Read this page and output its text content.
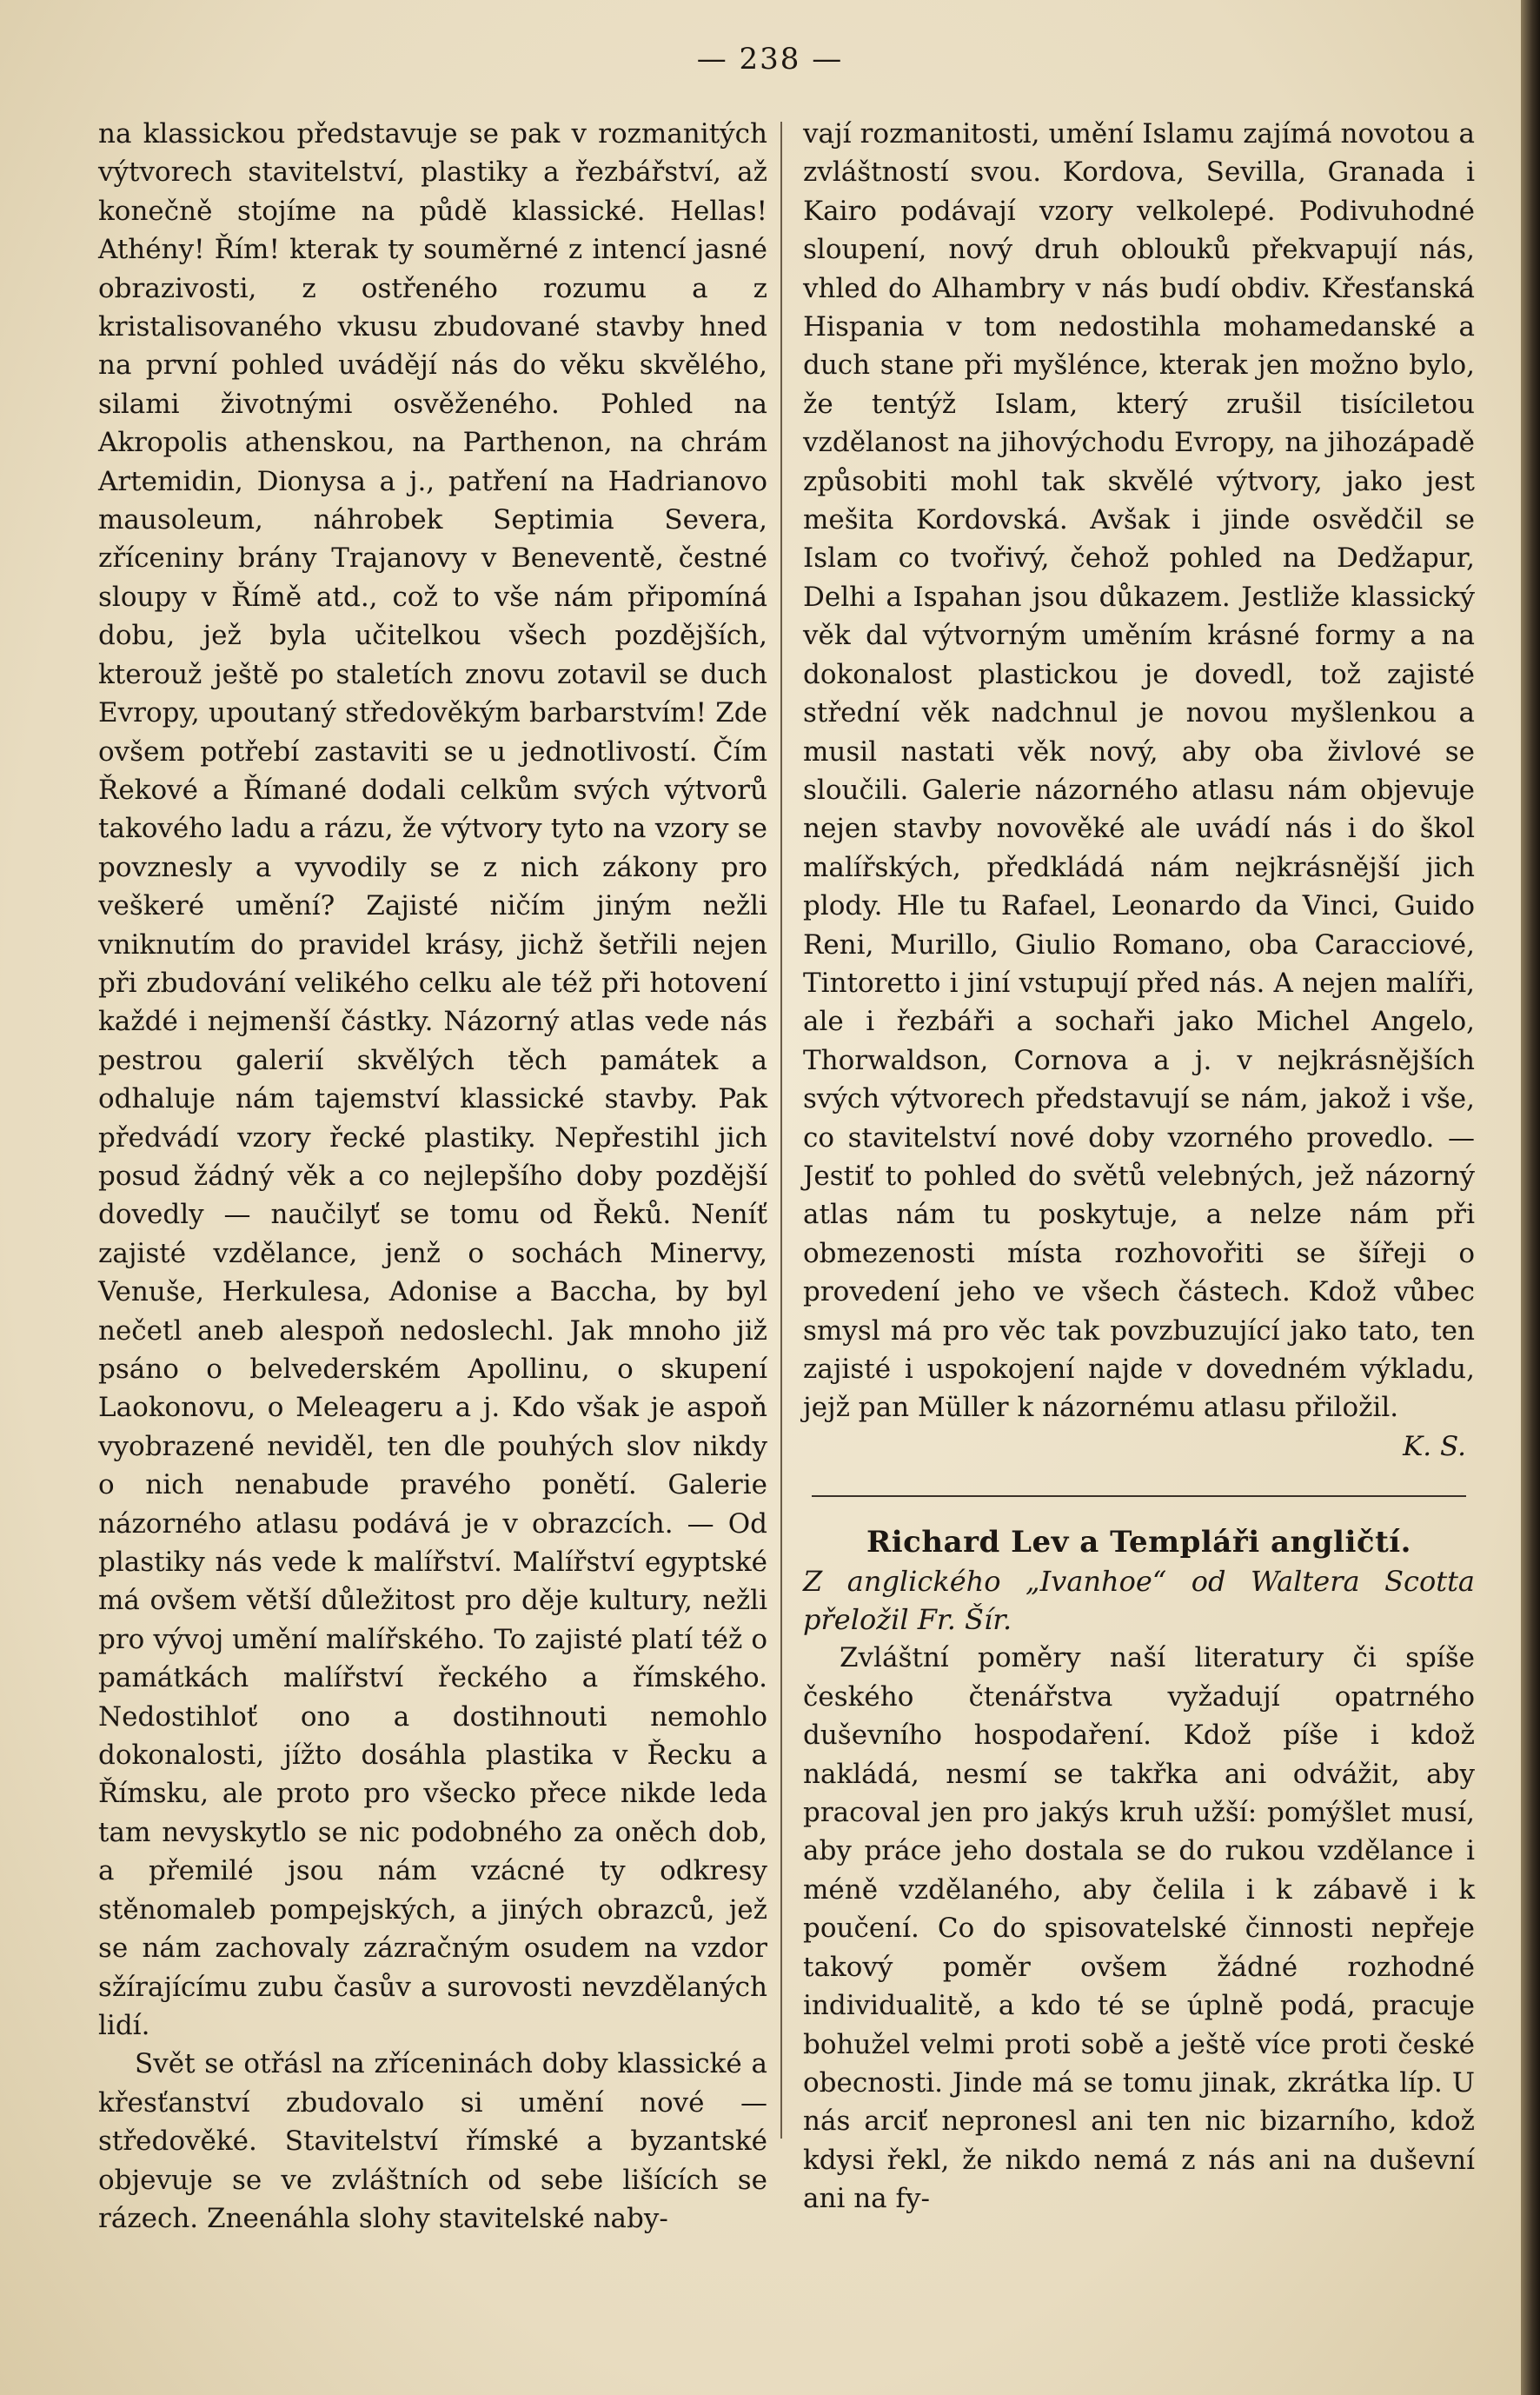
— 238 —

na klassickou představuje se pak v rozmanitých výtvorech stavitelství, plastiky a řezbářství, až konečně stojíme na půdě klassické. Hellas! Athény! Řím! kterak ty souměrné z intencí jasné obrazivosti, z ostřeného rozumu a z kristalisovaného vkusu zbudované stavby hned na první pohled uvádějí nás do věku skvělého, silami životnými osvěženého. Pohled na Akropolis athenskou, na Parthenon, na chrám Artemidin, Dionysa a j., patření na Hadrianovo mausoleum, náhrobek Septimia Severa, zříceniny brány Trajanovy v Beneventě, čestné sloupy v Římě atd., což to vše nám připomíná dobu, jež byla učitelkou všech pozdějších, kterouž ještě po staletích znovu zotavil se duch Evropy, upoutaný středověkým barbarstvím! Zde ovšem potřebí zastaviti se u jednotlivostí. Čím Řekové a Římané dodali celkům svých výtvorů takového ladu a rázu, že výtvory tyto na vzory se povznesly a vyvodily se z nich zákony pro veškeré umění? Zajisté ničím jiným nežli vniknutím do pravidel krásy, jichž šetřili nejen při zbudování velikého celku ale též při hotovení každé i nejmenší částky. Názorný atlas vede nás pestrou galerií skvělých těch památek a odhaluje nám tajemství klassické stavby. Pak předvádí vzory řecké plastiky. Nepřestihl jich posud žádný věk a co nejlepšího doby pozdější dovedly — naučilyť se tomu od Řeků. Neníť zajisté vzdělance, jenž o sochách Minervy, Venuše, Herkulesa, Adonise a Baccha, by byl nečetl aneb alespoň nedoslechl. Jak mnoho již psáno o belvederském Apollinu, o skupení Laokonovu, o Meleageru a j. Kdo však je aspoň vyobrazené neviděl, ten dle pouhých slov nikdy o nich nenabude pravého ponětí. Galerie názorného atlasu podává je v obrazcích. — Od plastiky nás vede k malířství. Malířství egyptské má ovšem větší důležitost pro děje kultury, nežli pro vývoj umění malířského. To zajisté platí též o památkách malířství řeckého a římského. Nedostihloť ono a dostihnouti nemohlo dokonalosti, jížto dosáhla plastika v Řecku a Římsku, ale proto pro všecko přece nikde leda tam nevyskytlo se nic podobného za oněch dob, a přemilé jsou nám vzácné ty odkresy stěnomaleb pompejských, a jiných obrazců, jež se nám zachovaly zázračným osudem na vzdor sžírajícímu zubu časův a surovosti nevzdělaných lidí.

Svět se otřásl na zříceninách doby klassické a křesťanství zbudovalo si umění nové — středověké. Stavitelství římské a byzantské objevuje se ve zvláštních od sebe lišících se rázech. Zneenáhla slohy stavitelské naby-

vají rozmanitosti, umění Islamu zajímá novotou a zvláštností svou. Kordova, Sevilla, Granada i Kairo podávají vzory velkolepé. Podivuhodné sloupení, nový druh oblouků překvapují nás, vhled do Alhambry v nás budí obdiv. Křesťanská Hispania v tom nedostihla mohamedanské a duch stane při myšlénce, kterak jen možno bylo, že tentýž Islam, který zrušil tisíciletou vzdělanost na jihovýchodu Evropy, na jihozápadě způsobiti mohl tak skvělé výtvory, jako jest mešita Kordovská. Avšak i jinde osvědčil se Islam co tvořivý, čehož pohled na Dedžapur, Delhi a Ispahan jsou důkazem. Jestliže klassický věk dal výtvorným uměním krásné formy a na dokonalost plastickou je dovedl, tož zajisté střední věk nadchnul je novou myšlenkou a musil nastati věk nový, aby oba živlové se sloučili. Galerie názorného atlasu nám objevuje nejen stavby novověké ale uvádí nás i do škol malířských, předkládá nám nejkrásnější jich plody. Hle tu Rafael, Leonardo da Vinci, Guido Reni, Murillo, Giulio Romano, oba Caracciové, Tintoretto i jiní vstupují před nás. A nejen malíři, ale i řezbáři a sochaři jako Michel Angelo, Thorwaldson, Cornova a j. v nejkrásnějších svých výtvorech představují se nám, jakož i vše, co stavitelství nové doby vzorného provedlo. — Jestiť to pohled do světů velebných, jež názorný atlas nám tu poskytuje, a nelze nám při obmezenosti místa rozhovořiti se šířeji o provedení jeho ve všech částech. Kdož vůbec smysl má pro věc tak povzbuzující jako tato, ten zajisté i uspokojení najde v dovedném výkladu, jejž pan Müller k názornému atlasu přiložil.

K. S.

Richard Lev a Templáři angličtí.

Z anglického „Ivanhoe“ od Waltera Scotta přeložil Fr. Šír.

Zvláštní poměry naší literatury či spíše českého čtenářstva vyžadují opatrného duševního hospodaření. Kdož píše i kdož nakládá, nesmí se takřka ani odvážit, aby pracoval jen pro jakýs kruh užší: pomýšlet musí, aby práce jeho dostala se do rukou vzdělance i méně vzdělaného, aby čelila i k zábavě i k poučení. Co do spisovatelské činnosti nepřeje takový poměr ovšem žádné rozhodné individualitě, a kdo té se úplně podá, pracuje bohužel velmi proti sobě a ještě více proti české obecnosti. Jinde má se tomu jinak, zkrátka líp. U nás arciť nepronesl ani ten nic bizarního, kdož kdysi řekl, že nikdo nemá z nás ani na duševní ani na fy-
